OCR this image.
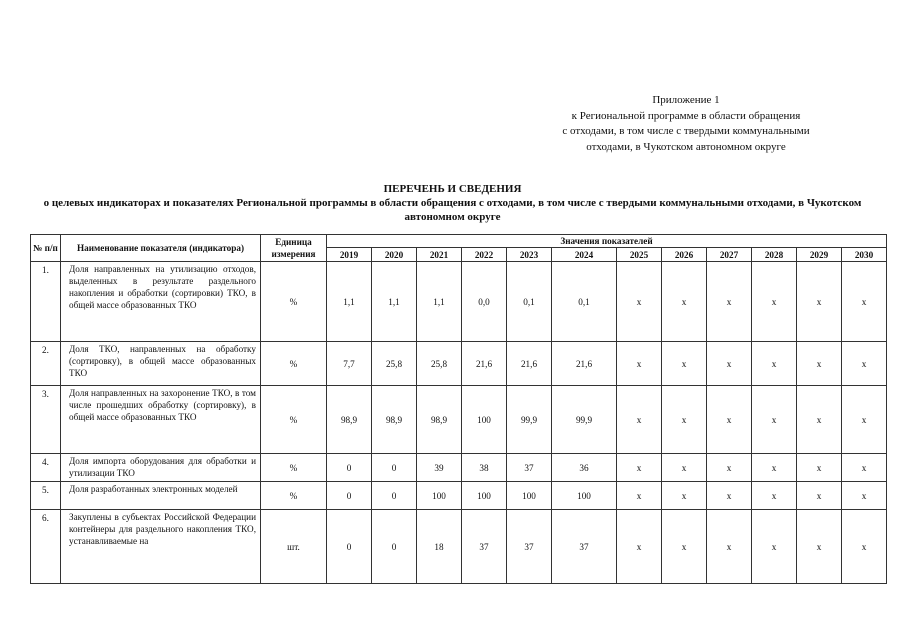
Приложение 1
к Региональной программе в области обращения
с отходами, в том числе с твердыми коммунальными
отходами, в Чукотском автономном округе
ПЕРЕЧЕНЬ И СВЕДЕНИЯ
о целевых индикаторах и показателях Региональной программы в области обращения с отходами, в том числе с твердыми коммунальными отходами, в Чукотском автономном округе
№ п/п	Наименование показателя (индикатора)	Единица измерения	Значения показателей											
			2019	2020	2021	2022	2023	2024	2025	2026	2027	2028	2029	2030
1.	Доля направленных на утилизацию отходов, выделенных в результате раздельного накопления и обработки (сортировки) ТКО, в общей массе образованных ТКО	%	1,1	1,1	1,1	0,0	0,1	0,1	x	x	x	x	x	x
2.	Доля ТКО, направленных на обработку (сортировку), в общей массе образованных ТКО	%	7,7	25,8	25,8	21,6	21,6	21,6	x	x	x	x	x	x
3.	Доля направленных на захоронение ТКО, в том числе прошедших обработку (сортировку), в общей массе образованных ТКО	%	98,9	98,9	98,9	100	99,9	99,9	x	x	x	x	x	x
4.	Доля импорта оборудования для обработки и утилизации ТКО	%	0	0	39	38	37	36	x	x	x	x	x	x
5.	Доля разработанных электронных моделей	%	0	0	100	100	100	100	x	x	x	x	x	x
6.	Закуплены в субъектах Российской Федерации контейнеры для раздельного накопления ТКО, устанавливаемые на	шт.	0	0	18	37	37	37	x	x	x	x	x	x
